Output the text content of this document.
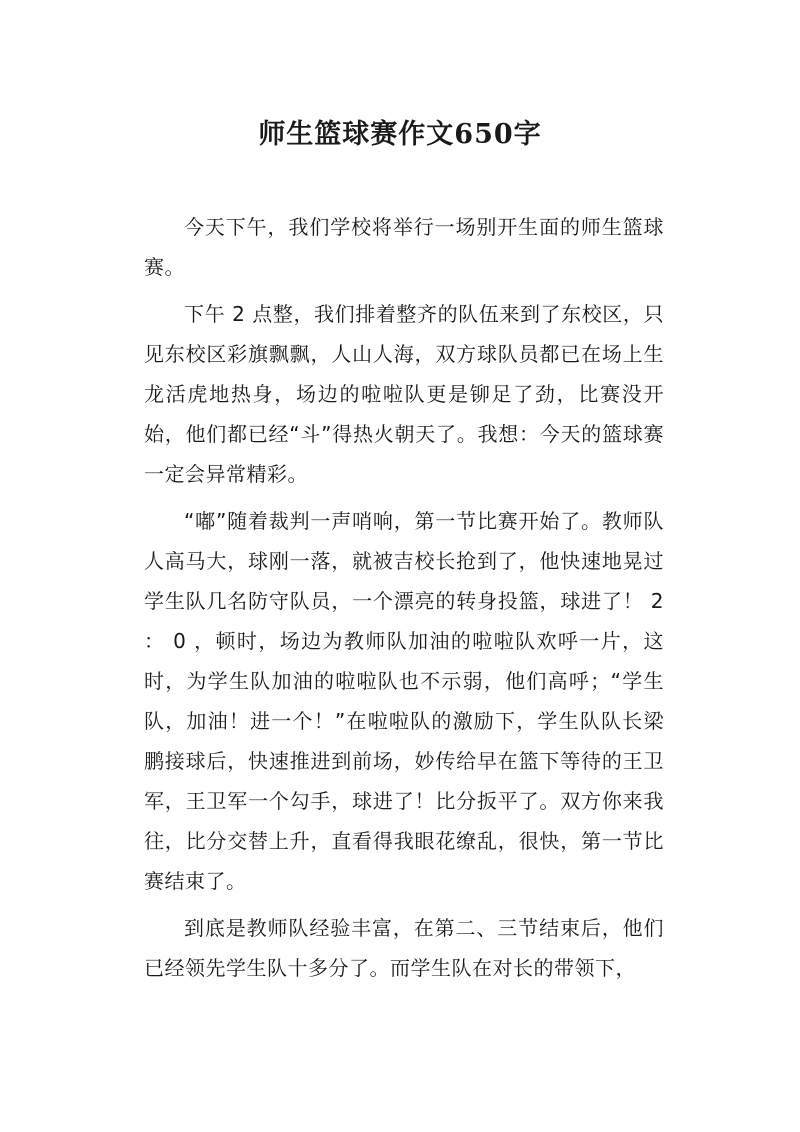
师生篮球赛作文650字

今天下午，我们学校将举行一场别开生面的师生篮球赛。

下午 2 点整，我们排着整齐的队伍来到了东校区，只见东校区彩旗飘飘，人山人海，双方球队员都已在场上生龙活虎地热身，场边的啦啦队更是铆足了劲，比赛没开始，他们都已经“斗”得热火朝天了。我想：今天的篮球赛一定会异常精彩。

“嘟”随着裁判一声哨响，第一节比赛开始了。教师队人高马大，球刚一落，就被吉校长抢到了，他快速地晃过学生队几名防守队员，一个漂亮的转身投篮，球进了！ 2 ： 0 ，顿时，场边为教师队加油的啦啦队欢呼一片，这时，为学生队加油的啦啦队也不示弱，他们高呼；“学生队，加油！进一个！”在啦啦队的激励下，学生队队长梁鹏接球后，快速推进到前场，妙传给早在篮下等待的王卫军，王卫军一个勾手，球进了！比分扳平了。双方你来我往，比分交替上升，直看得我眼花缭乱，很快，第一节比赛结束了。

到底是教师队经验丰富，在第二、三节结束后，他们已经领先学生队十多分了。而学生队在对长的带领下，
